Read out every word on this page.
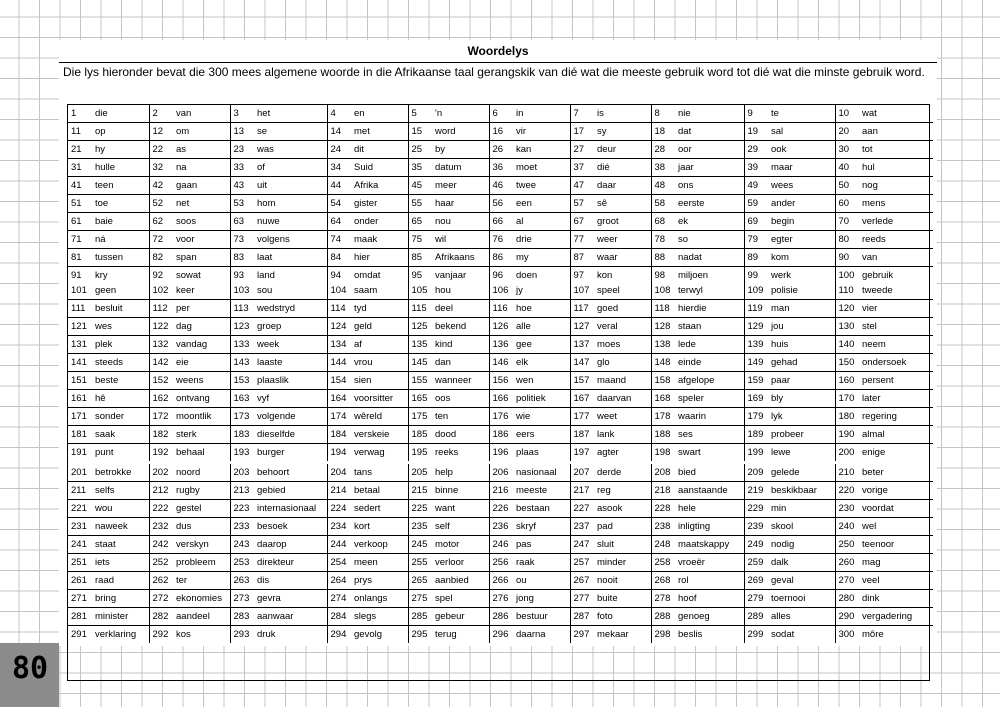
Woordelys
Die lys hieronder bevat die 300 mees algemene woorde in die Afrikaanse taal gerangskik van dié wat die meeste gebruik word tot dié wat die minste gebruik word.
1	die	2	van	3	het	4	en	5	'n	6	in	7	is	8	nie	9	te	10	wat
11	op	12	om	13	se	14	met	15	word	16	vir	17	sy	18	dat	19	sal	20	aan
21	hy	22	as	23	was	24	dit	25	by	26	kan	27	deur	28	oor	29	ook	30	tot
31	hulle	32	na	33	of	34	Suid	35	datum	36	moet	37	dié	38	jaar	39	maar	40	hul
41	teen	42	gaan	43	uit	44	Afrika	45	meer	46	twee	47	daar	48	ons	49	wees	50	nog
51	toe	52	net	53	hom	54	gister	55	haar	56	een	57	sê	58	eerste	59	ander	60	mens
61	baie	62	soos	63	nuwe	64	onder	65	nou	66	al	67	groot	68	ek	69	begin	70	verlede
71	ná	72	voor	73	volgens	74	maak	75	wil	76	drie	77	weer	78	so	79	egter	80	reeds
81	tussen	82	span	83	laat	84	hier	85	Afrikaans	86	my	87	waar	88	nadat	89	kom	90	van
91	kry	92	sowat	93	land	94	omdat	95	vanjaar	96	doen	97	kon	98	miljoen	99	werk	100	gebruik
101	geen	102	keer	103	sou	104	saam	105	hou	106	jy	107	speel	108	terwyl	109	polisie	110	tweede
111	besluit	112	per	113	wedstryd	114	tyd	115	deel	116	hoe	117	goed	118	hierdie	119	man	120	vier
121	wes	122	dag	123	groep	124	geld	125	bekend	126	alle	127	veral	128	staan	129	jou	130	stel
131	plek	132	vandag	133	week	134	af	135	kind	136	gee	137	moes	138	lede	139	huis	140	neem
141	steeds	142	eie	143	laaste	144	vrou	145	dan	146	elk	147	glo	148	einde	149	gehad	150	ondersoek
151	beste	152	weens	153	plaaslik	154	sien	155	wanneer	156	wen	157	maand	158	afgelope	159	paar	160	persent
161	hê	162	ontvang	163	vyf	164	voorsitter	165	oos	166	politiek	167	daarvan	168	speler	169	bly	170	later
171	sonder	172	moontlik	173	volgende	174	wêreld	175	ten	176	wie	177	weet	178	waarin	179	lyk	180	regering
181	saak	182	sterk	183	dieselfde	184	verskeie	185	dood	186	eers	187	lank	188	ses	189	probeer	190	almal
191	punt	192	behaal	193	burger	194	verwag	195	reeks	196	plaas	197	agter	198	swart	199	lewe	200	enige
201	betrokke	202	noord	203	behoort	204	tans	205	help	206	nasionaal	207	derde	208	bied	209	gelede	210	beter
211	selfs	212	rugby	213	gebied	214	betaal	215	binne	216	meeste	217	reg	218	aanstaande	219	beskikbaar	220	vorige
221	wou	222	gestel	223	internasionaal	224	sedert	225	want	226	bestaan	227	asook	228	hele	229	min	230	voordat
231	naweek	232	dus	233	besoek	234	kort	235	self	236	skryf	237	pad	238	inligting	239	skool	240	wel
241	staat	242	verskyn	243	daarop	244	verkoop	245	motor	246	pas	247	sluit	248	maatskappy	249	nodig	250	teenoor
251	iets	252	probleem	253	direkteur	254	meen	255	verloor	256	raak	257	minder	258	vroeër	259	dalk	260	mag
261	raad	262	ter	263	dis	264	prys	265	aanbied	266	ou	267	nooit	268	rol	269	geval	270	veel
271	bring	272	ekonomies	273	gevra	274	onlangs	275	spel	276	jong	277	buite	278	hoof	279	toernooi	280	dink
281	minister	282	aandeel	283	aanwaar	284	slegs	285	gebeur	286	bestuur	287	foto	288	genoeg	289	alles	290	vergadering
291	verklaring	292	kos	293	druk	294	gevolg	295	terug	296	daarna	297	mekaar	298	beslis	299	sodat	300	môre
80
